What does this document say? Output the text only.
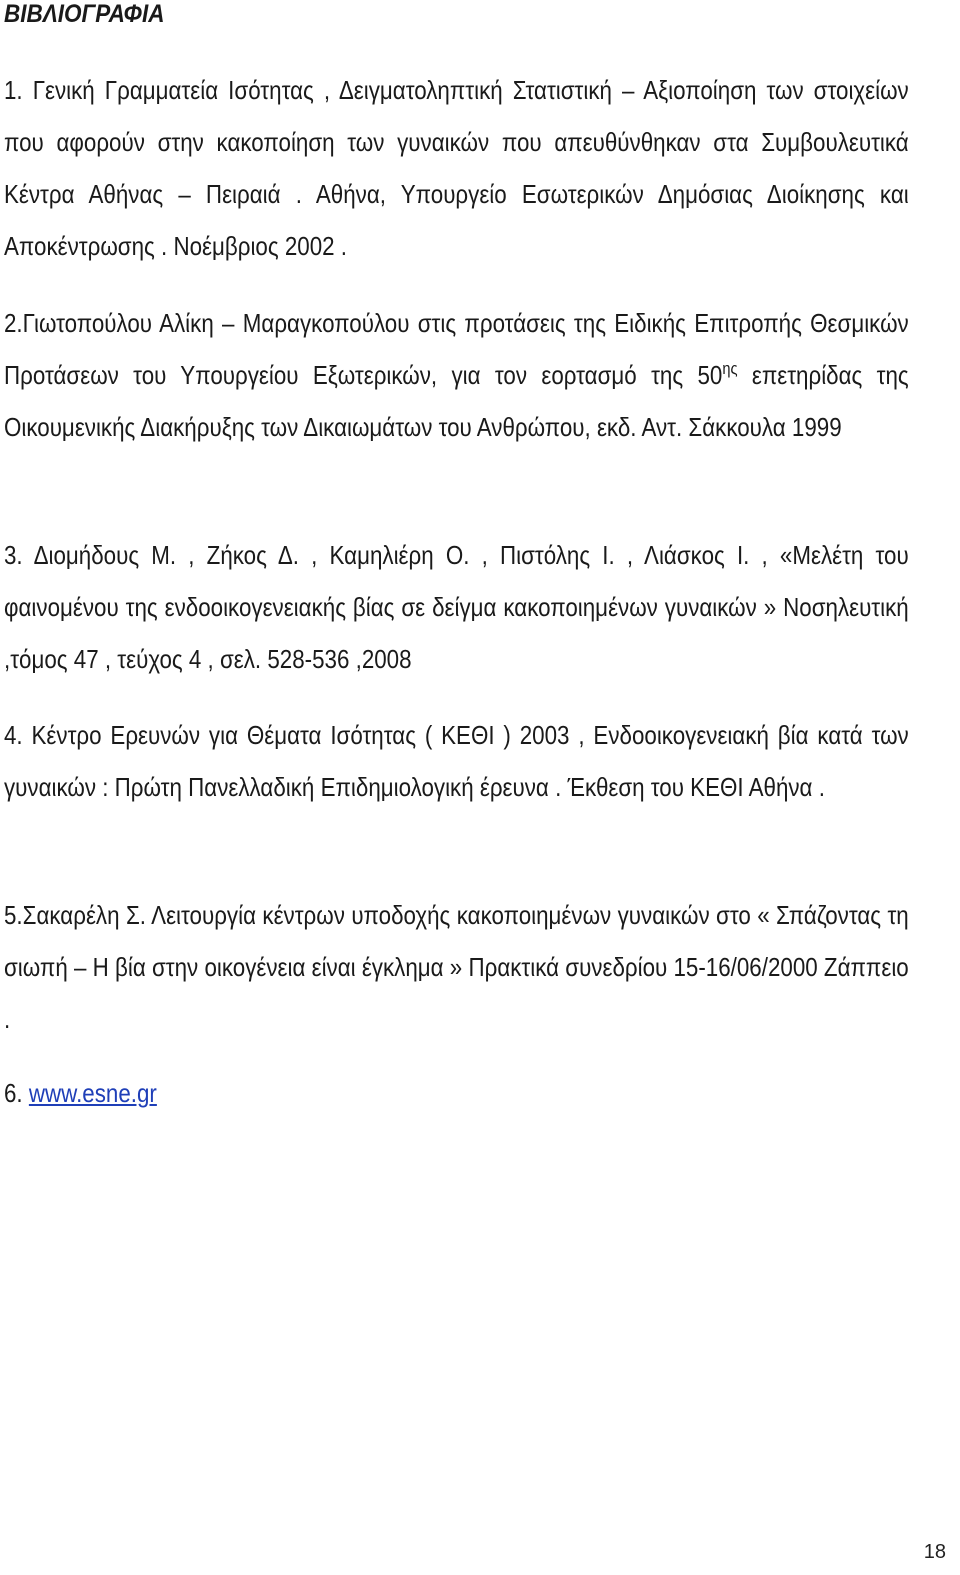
ΒΙΒΛΙΟΓΡΑΦΙΑ

1. Γενική Γραμματεία Ισότητας , Δειγματοληπτική Στατιστική – Αξιοποίηση των στοιχείων που αφορούν στην κακοποίηση των γυναικών που απευθύνθηκαν στα Συμβουλευτικά Κέντρα Αθήνας – Πειραιά . Αθήνα, Υπουργείο Εσωτερικών Δημόσιας Διοίκησης και Αποκέντρωσης . Νοέμβριος 2002 .

2.Γιωτοπούλου Αλίκη – Μαραγκοπούλου στις προτάσεις της Ειδικής Επιτροπής Θεσμικών Προτάσεων του Υπουργείου Εξωτερικών, για τον εορτασμό της $50^{\eta\varsigma}$ επετηρίδας της Οικουμενικής Διακήρυξης των Δικαιωμάτων του Ανθρώπου, εκδ. Αντ. Σάκκουλα 1999

3. Διομήδους Μ. , Ζήκος Δ. , Καμηλιέρη Ο. , Πιστόλης Ι. , Λιάσκος Ι. , «Μελέτη του φαινομένου της ενδοοικογενειακής βίας σε δείγμα κακοποιημένων γυναικών » Νοσηλευτική ,τόμος 47 , τεύχος 4 , σελ. 528-536 ,2008

4. Κέντρο Ερευνών για Θέματα Ισότητας ( ΚΕΘΙ ) 2003 , Ενδοοικογενειακή βία κατά των γυναικών : Πρώτη Πανελλαδική Επιδημιολογική έρευνα . Έκθεση του ΚΕΘΙ Αθήνα .

5.Σακαρέλη Σ. Λειτουργία κέντρων υποδοχής κακοποιημένων γυναικών στο « Σπάζοντας τη σιωπή – Η βία στην οικογένεια είναι έγκλημα » Πρακτικά συνεδρίου 15-16/06/2000 Ζάππειο .

6. www.esne.gr

18
